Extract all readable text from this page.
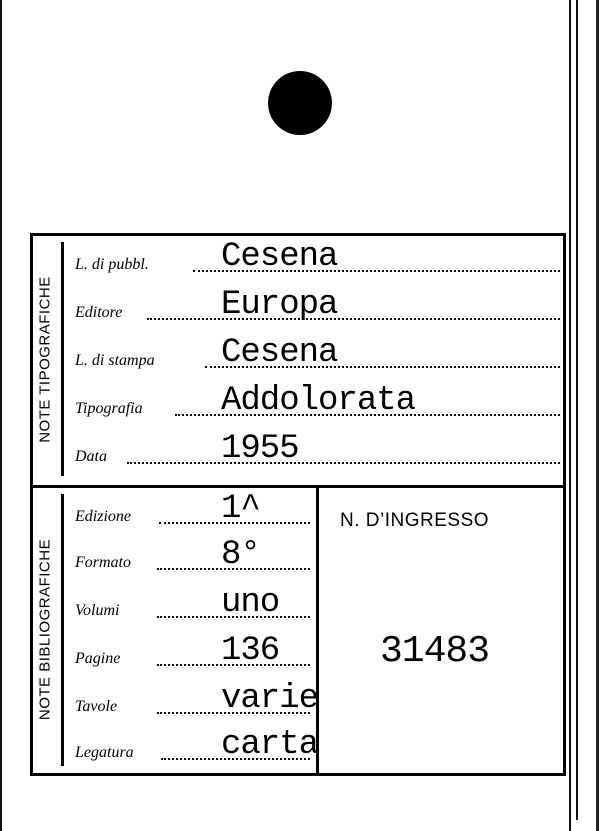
NOTE TIPOGRAFICHE
NOTE BIBLIOGRAFICHE
L. di pubbl. Cesena
Editore	Europa
L. di stampa Cesena
Tipografia Addolorata
Data	1955
Edizione	1^
Formato	8°
Volumi	uno
Pagine	136
Tavole	varie
Legatura	carta
N. D’INGRESSO
31483
